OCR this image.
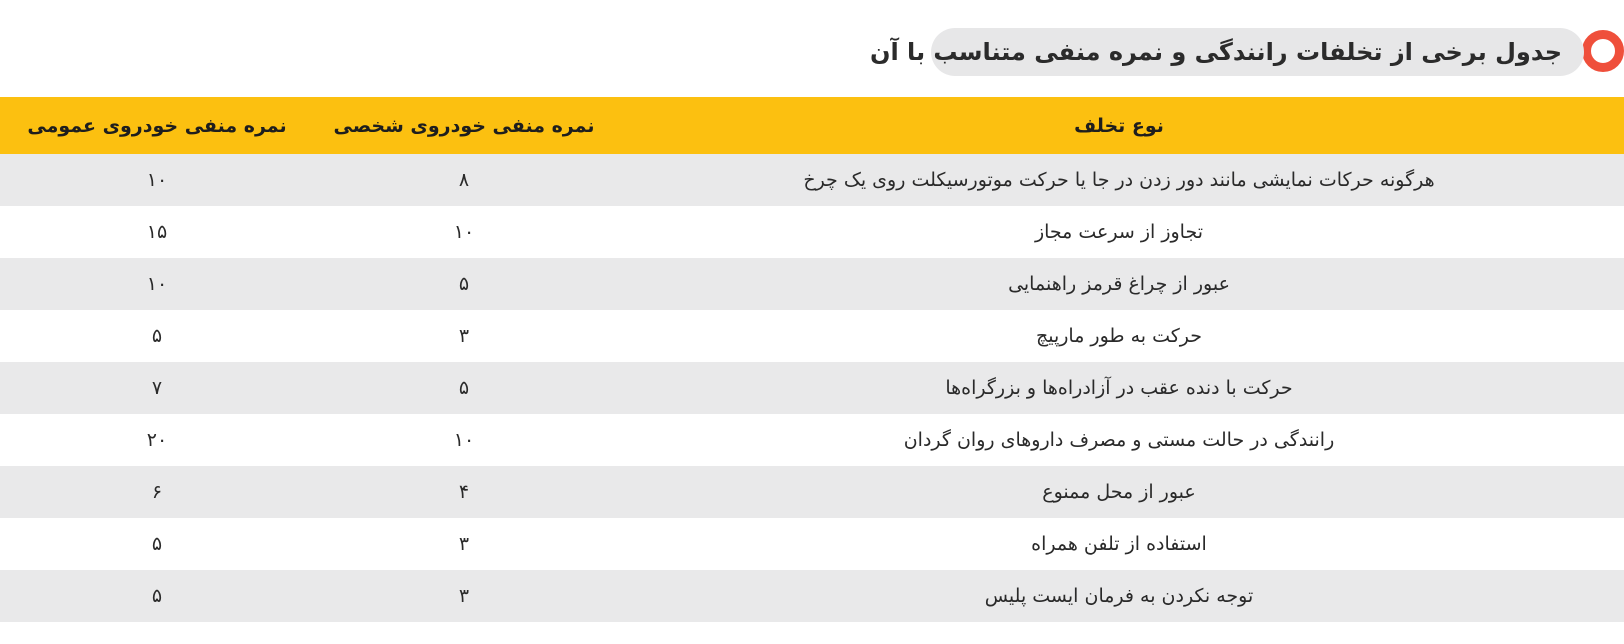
جدول برخی از تخلفات رانندگی و نمره منفی متناسب با آن
نوع تخلف	نمره منفی خودروی شخصی	نمره منفی خودروی عمومی
هرگونه حرکات نمایشی مانند دور زدن در جا یا حرکت موتورسیکلت روی یک چرخ	۸	۱۰
تجاوز از سرعت مجاز	۱۰	۱۵
عبور از چراغ قرمز راهنمایی	۵	۱۰
حرکت به طور مارپیچ	۳	۵
حرکت با دنده عقب در آزادراه‌ها و بزرگراه‌ها	۵	۷
رانندگی در حالت مستی و مصرف داروهای روان گردان	۱۰	۲۰
عبور از محل ممنوع	۴	۶
استفاده از تلفن همراه	۳	۵
توجه نکردن به فرمان ایست پلیس	۳	۵
